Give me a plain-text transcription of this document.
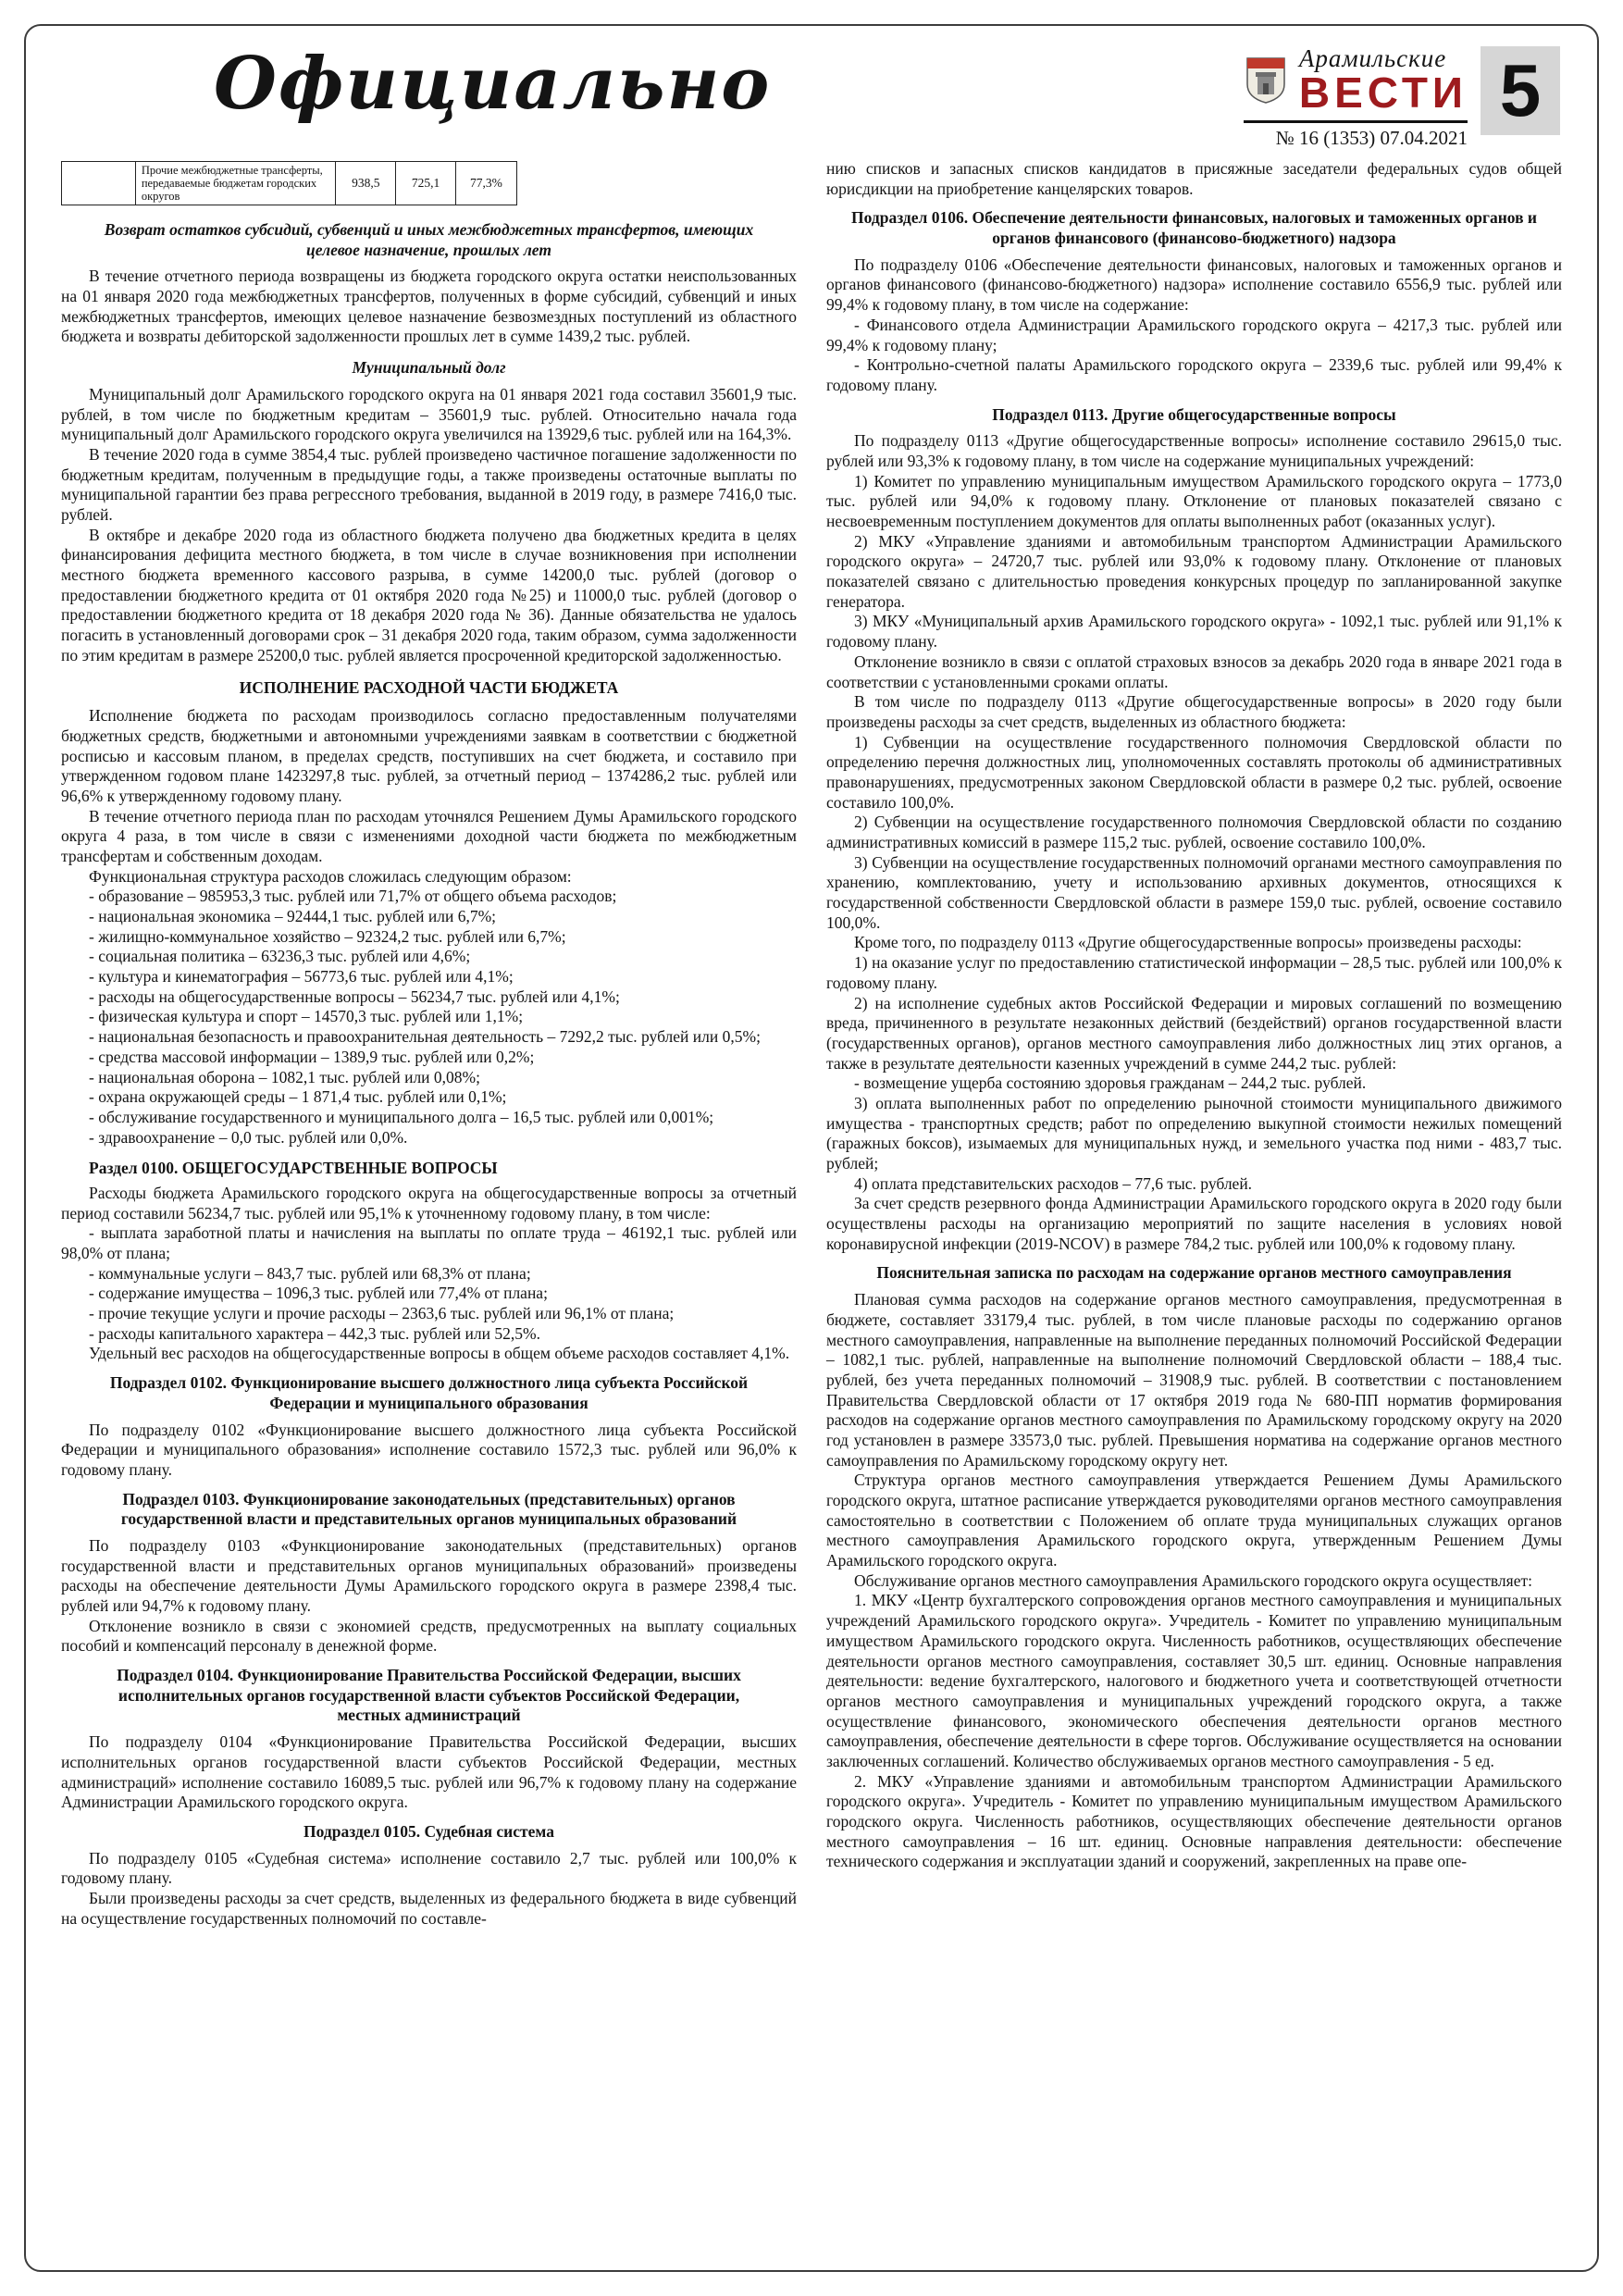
Официально	Арамильские
ВЕСТИ
№ 16 (1353) 07.04.2021
5
	Прочие межбюджетные трансферты, передаваемые бюджетам городских округов	938,5	725,1	77,3%

Возврат остатков субсидий, субвенций и иных межбюджетных трансфертов, имеющих целевое назначение, прошлых лет

В течение отчетного периода возвращены из бюджета городского округа остатки неиспользованных на 01 января 2020 года межбюджетных трансфертов, полученных в форме субсидий, субвенций и иных межбюджетных трансфертов, имеющих целевое назначение безвозмездных поступлений из областного бюджета и возвраты дебиторской задолженности прошлых лет в сумме 1439,2 тыс. рублей.

Муниципальный долг

Муниципальный долг Арамильского городского округа на 01 января 2021 года составил 35601,9 тыс. рублей, в том числе по бюджетным кредитам – 35601,9 тыс. рублей. Относительно начала года муниципальный долг Арамильского городского округа увеличился на 13929,6 тыс. рублей или на 164,3%.

В течение 2020 года в сумме 3854,4 тыс. рублей произведено частичное погашение задолженности по бюджетным кредитам, полученным в предыдущие годы, а также произведены остаточные выплаты по муниципальной гарантии без права регрессного требования, выданной в 2019 году, в размере 7416,0 тыс. рублей.

В октябре и декабре 2020 года из областного бюджета получено два бюджетных кредита в целях финансирования дефицита местного бюджета, в том числе в случае возникновения при исполнении местного бюджета временного кассового разрыва, в сумме 14200,0 тыс. рублей (договор о предоставлении бюджетного кредита от 01 октября 2020 года №25) и 11000,0 тыс. рублей (договор о предоставлении бюджетного кредита от 18 декабря 2020 года № 36). Данные обязательства не удалось погасить в установленный договорами срок – 31 декабря 2020 года, таким образом, сумма задолженности по этим кредитам в размере 25200,0 тыс. рублей является просроченной кредиторской задолженностью.

ИСПОЛНЕНИЕ РАСХОДНОЙ ЧАСТИ БЮДЖЕТА

Исполнение бюджета по расходам производилось согласно предоставленным получателями бюджетных средств, бюджетными и автономными учреждениями заявкам в соответствии с бюджетной росписью и кассовым планом, в пределах средств, поступивших на счет бюджета, и составило при утвержденном годовом плане 1423297,8 тыс. рублей, за отчетный период – 1374286,2 тыс. рублей или 96,6% к утвержденному годовому плану.

В течение отчетного периода план по расходам уточнялся Решением Думы Арамильского городского округа 4 раза, в том числе в связи с изменениями доходной части бюджета по межбюджетным трансфертам и собственным доходам.

Функциональная структура расходов сложилась следующим образом:

- образование – 985953,3 тыс. рублей или 71,7% от общего объема расходов;

- национальная экономика – 92444,1 тыс. рублей или 6,7%;

- жилищно-коммунальное хозяйство – 92324,2 тыс. рублей или 6,7%;

- социальная политика – 63236,3 тыс. рублей или 4,6%;

- культура и кинематография – 56773,6 тыс. рублей или 4,1%;

- расходы на общегосударственные вопросы – 56234,7 тыс. рублей или 4,1%;

- физическая культура и спорт – 14570,3 тыс. рублей или 1,1%;

- национальная безопасность и правоохранительная деятельность – 7292,2 тыс. рублей или 0,5%;

- средства массовой информации – 1389,9 тыс. рублей или 0,2%;

- национальная оборона – 1082,1 тыс. рублей или 0,08%;

- охрана окружающей среды – 1 871,4 тыс. рублей или 0,1%;

- обслуживание государственного и муниципального долга – 16,5 тыс. рублей или 0,001%;

- здравоохранение – 0,0 тыс. рублей или 0,0%.

Раздел 0100. ОБЩЕГОСУДАРСТВЕННЫЕ ВОПРОСЫ

Расходы бюджета Арамильского городского округа на общегосударственные вопросы за отчетный период составили 56234,7 тыс. рублей или 95,1% к уточненному годовому плану, в том числе:

- выплата заработной платы и начисления на выплаты по оплате труда – 46192,1 тыс. рублей или 98,0% от плана;

- коммунальные услуги – 843,7 тыс. рублей или 68,3% от плана;

- содержание имущества – 1096,3 тыс. рублей или 77,4% от плана;

- прочие текущие услуги и прочие расходы – 2363,6 тыс. рублей или 96,1% от плана;

- расходы капитального характера – 442,3 тыс. рублей или 52,5%.

Удельный вес расходов на общегосударственные вопросы в общем объеме расходов составляет 4,1%.

Подраздел 0102. Функционирование высшего должностного лица субъекта Российской Федерации и муниципального образования

По подразделу 0102 «Функционирование высшего должностного лица субъекта Российской Федерации и муниципального образования» исполнение составило 1572,3 тыс. рублей или 96,0% к годовому плану.

Подраздел 0103. Функционирование законодательных (представительных) органов государственной власти и представительных органов муниципальных образований

По подразделу 0103 «Функционирование законодательных (представительных) органов государственной власти и представительных органов муниципальных образований» произведены расходы на обеспечение деятельности Думы Арамильского городского округа в размере 2398,4 тыс. рублей или 94,7% к годовому плану.

Отклонение возникло в связи с экономией средств, предусмотренных на выплату социальных пособий и компенсаций персоналу в денежной форме.

Подраздел 0104. Функционирование Правительства Российской Федерации, высших исполнительных органов государственной власти субъектов Российской Федерации, местных администраций

По подразделу 0104 «Функционирование Правительства Российской Федерации, высших исполнительных органов государственной власти субъектов Российской Федерации, местных администраций» исполнение составило 16089,5 тыс. рублей или 96,7% к годовому плану на содержание Администрации Арамильского городского округа.

Подраздел 0105. Судебная система

По подразделу 0105 «Судебная система» исполнение составило 2,7 тыс. рублей или 100,0% к годовому плану.

Были произведены расходы за счет средств, выделенных из федерального бюджета в виде субвенций на осуществление государственных полномочий по составле-

нию списков и запасных списков кандидатов в присяжные заседатели федеральных судов общей юрисдикции на приобретение канцелярских товаров.

Подраздел 0106. Обеспечение деятельности финансовых, налоговых и таможенных органов и органов финансового (финансово-бюджетного) надзора

По подразделу 0106 «Обеспечение деятельности финансовых, налоговых и таможенных органов и органов финансового (финансово-бюджетного) надзора» исполнение составило 6556,9 тыс. рублей или 99,4% к годовому плану, в том числе на содержание:

- Финансового отдела Администрации Арамильского городского округа – 4217,3 тыс. рублей или 99,4% к годовому плану;

- Контрольно-счетной палаты Арамильского городского округа – 2339,6 тыс. рублей или 99,4% к годовому плану.

Подраздел 0113. Другие общегосударственные вопросы

По подразделу 0113 «Другие общегосударственные вопросы» исполнение составило 29615,0 тыс. рублей или 93,3% к годовому плану, в том числе на содержание муниципальных учреждений:

1) Комитет по управлению муниципальным имуществом Арамильского городского округа – 1773,0 тыс. рублей или 94,0% к годовому плану. Отклонение от плановых показателей связано с несвоевременным поступлением документов для оплаты выполненных работ (оказанных услуг).

2) МКУ «Управление зданиями и автомобильным транспортом Администрации Арамильского городского округа» – 24720,7 тыс. рублей или 93,0% к годовому плану. Отклонение от плановых показателей связано с длительностью проведения конкурсных процедур по запланированной закупке генератора.

3) МКУ «Муниципальный архив Арамильского городского округа» - 1092,1 тыс. рублей или 91,1% к годовому плану.

Отклонение возникло в связи с оплатой страховых взносов за декабрь 2020 года в январе 2021 года в соответствии с установленными сроками оплаты.

В том числе по подразделу 0113 «Другие общегосударственные вопросы» в 2020 году были произведены расходы за счет средств, выделенных из областного бюджета:

1) Субвенции на осуществление государственного полномочия Свердловской области по определению перечня должностных лиц, уполномоченных составлять протоколы об административных правонарушениях, предусмотренных законом Свердловской области в размере 0,2 тыс. рублей, освоение составило 100,0%.

2) Субвенции на осуществление государственного полномочия Свердловской области по созданию административных комиссий в размере 115,2 тыс. рублей, освоение составило 100,0%.

3) Субвенции на осуществление государственных полномочий органами местного самоуправления по хранению, комплектованию, учету и использованию архивных документов, относящихся к государственной собственности Свердловской области в размере 159,0 тыс. рублей, освоение составило 100,0%.

Кроме того, по подразделу 0113 «Другие общегосударственные вопросы» произведены расходы:

1) на оказание услуг по предоставлению статистической информации – 28,5 тыс. рублей или 100,0% к годовому плану.

2) на исполнение судебных актов Российской Федерации и мировых соглашений по возмещению вреда, причиненного в результате незаконных действий (бездействий) органов государственной власти (государственных органов), органов местного самоуправления либо должностных лиц этих органов, а также в результате деятельности казенных учреждений в сумме 244,2 тыс. рублей:

- возмещение ущерба состоянию здоровья гражданам – 244,2 тыс. рублей.

3) оплата выполненных работ по определению рыночной стоимости муниципального движимого имущества - транспортных средств; работ по определению выкупной стоимости нежилых помещений (гаражных боксов), изымаемых для муниципальных нужд, и земельного участка под ними - 483,7 тыс. рублей;

4) оплата представительских расходов – 77,6 тыс. рублей.

За счет средств резервного фонда Администрации Арамильского городского округа в 2020 году были осуществлены расходы на организацию мероприятий по защите населения в условиях новой коронавирусной инфекции (2019-NCOV) в размере 784,2 тыс. рублей или 100,0% к годовому плану.

Пояснительная записка по расходам на содержание органов местного самоуправления

Плановая сумма расходов на содержание органов местного самоуправления, предусмотренная в бюджете, составляет 33179,4 тыс. рублей, в том числе плановые расходы по содержанию органов местного самоуправления, направленные на выполнение переданных полномочий Российской Федерации – 1082,1 тыс. рублей, направленные на выполнение полномочий Свердловской области – 188,4 тыс. рублей, без учета переданных полномочий – 31908,9 тыс. рублей. В соответствии с постановлением Правительства Свердловской области от 17 октября 2019 года № 680-ПП норматив формирования расходов на содержание органов местного самоуправления по Арамильскому городскому округу на 2020 год установлен в размере 33573,0 тыс. рублей. Превышения норматива на содержание органов местного самоуправления по Арамильскому городскому округу нет.

Структура органов местного самоуправления утверждается Решением Думы Арамильского городского округа, штатное расписание утверждается руководителями органов местного самоуправления самостоятельно в соответствии с Положением об оплате труда муниципальных служащих органов местного самоуправления Арамильского городского округа, утвержденным Решением Думы Арамильского городского округа.

Обслуживание органов местного самоуправления Арамильского городского округа осуществляет:

1. МКУ «Центр бухгалтерского сопровождения органов местного самоуправления и муниципальных учреждений Арамильского городского округа». Учредитель - Комитет по управлению муниципальным имуществом Арамильского городского округа. Численность работников, осуществляющих обеспечение деятельности органов местного самоуправления, составляет 30,5 шт. единиц. Основные направления деятельности: ведение бухгалтерского, налогового и бюджетного учета и соответствующей отчетности органов местного самоуправления и муниципальных учреждений городского округа, а также осуществление финансового, экономического обеспечения деятельности органов местного самоуправления, обеспечение деятельности в сфере торгов. Обслуживание осуществляется на основании заключенных соглашений. Количество обслуживаемых органов местного самоуправления - 5 ед.

2. МКУ «Управление зданиями и автомобильным транспортом Администрации Арамильского городского округа». Учредитель - Комитет по управлению муниципальным имуществом Арамильского городского округа. Численность работников, осуществляющих обеспечение деятельности органов местного самоуправления – 16 шт. единиц. Основные направления деятельности: обеспечение технического содержания и эксплуатации зданий и сооружений, закрепленных на праве опе-
